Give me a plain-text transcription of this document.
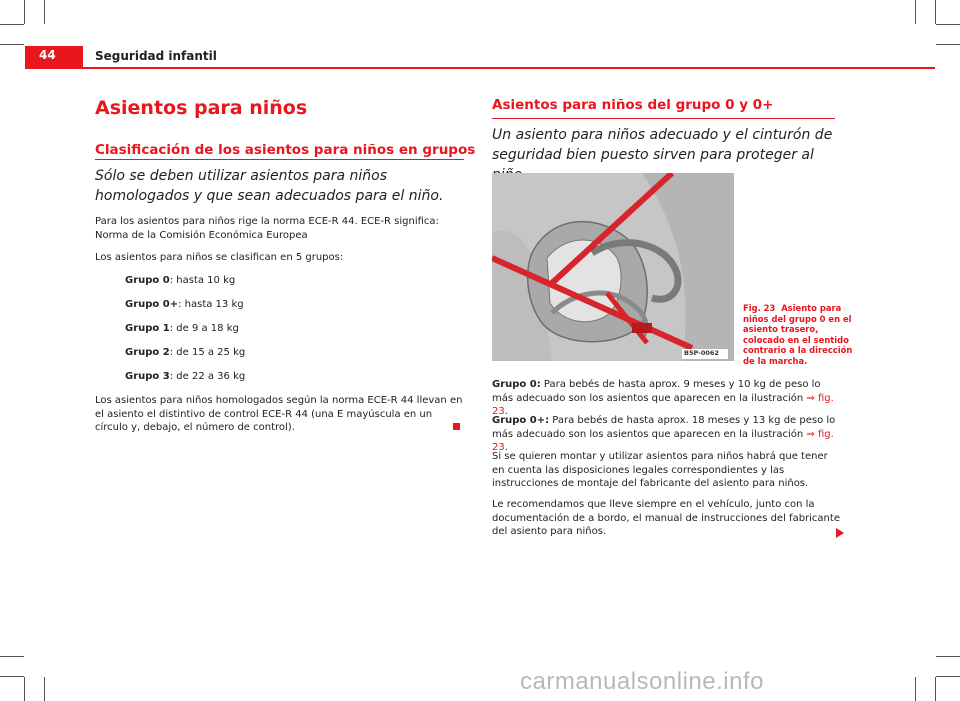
44	Seguridad infantil
Asientos para niños
Clasificación de los asientos para niños en grupos
Sólo se deben utilizar asientos para niños homologados y que sean adecuados para el niño.
Para los asientos para niños rige la norma ECE-R 44. ECE-R significa: Norma de la Comisión Económica Europea
Los asientos para niños se clasifican en 5 grupos:
Grupo 0: hasta 10 kg
Grupo 0+: hasta 13 kg
Grupo 1: de 9 a 18 kg
Grupo 2: de 15 a 25 kg
Grupo 3: de 22 a 36 kg
Los asientos para niños homologados según la norma ECE-R 44 llevan en el asiento el distintivo de control ECE-R 44 (una E mayúscula en un círculo y, debajo, el número de control).
Asientos para niños del grupo 0 y 0+
Un asiento para niños adecuado y el cinturón de seguridad bien puesto sirven para proteger al
B5P-0062
Fig. 23 Asiento para niños del grupo 0 en el asiento trasero, colocado en el sentido contrario a la dirección de la marcha.
Grupo 0: Para bebés de hasta aprox. 9 meses y 10 kg de peso lo más adecuado son los asientos que aparecen en la ilustración ⇒ fig. 23.
Grupo 0+: Para bebés de hasta aprox. 18 meses y 13 kg de peso lo más adecuado son los asientos que aparecen en la ilustración ⇒ fig. 23.
Si se quieren montar y utilizar asientos para niños habrá que tener en cuenta las disposiciones legales correspondientes y las instrucciones de montaje del fabricante del asiento para niños.
Le recomendamos que lleve siempre en el vehículo, junto con la documentación de a bordo, el manual de instrucciones del fabricante del asiento para niños.
carmanualsonline.info
